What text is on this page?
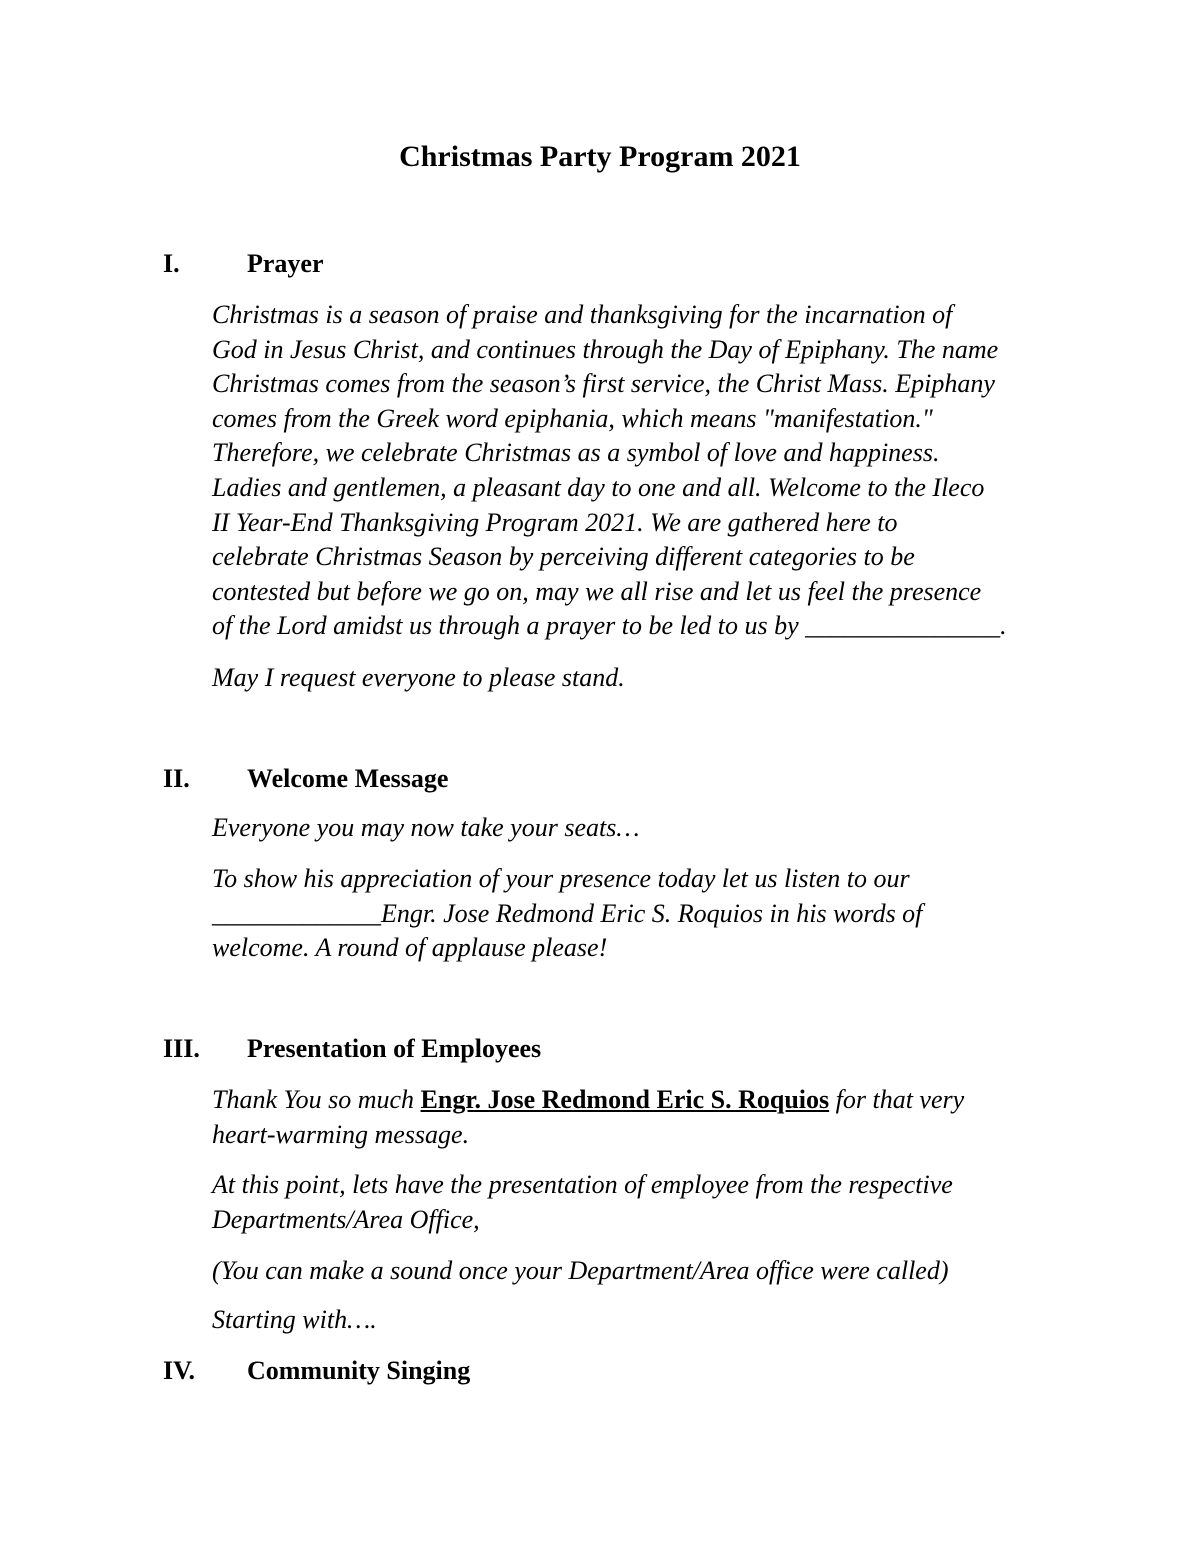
Christmas Party Program 2021
I.	Prayer
Christmas is a season of praise and thanksgiving for the incarnation of
God in Jesus Christ, and continues through the Day of Epiphany. The name
Christmas comes from the season’s first service, the Christ Mass. Epiphany
comes from the Greek word epiphania, which means "manifestation."
Therefore, we celebrate Christmas as a symbol of love and happiness.
Ladies and gentlemen, a pleasant day to one and all. Welcome to the Ileco
II Year-End Thanksgiving Program 2021. We are gathered here to
celebrate Christmas Season by perceiving different categories to be
contested but before we go on, may we all rise and let us feel the presence
of the Lord amidst us through a prayer to be led to us by _______________.
May I request everyone to please stand.
II. Welcome Message
Everyone you may now take your seats…
To show his appreciation of your presence today let us listen to our
_____________Engr. Jose Redmond Eric S. Roquios in his words of
welcome. A round of applause please!
III. Presentation of Employees
Thank You so much Engr. Jose Redmond Eric S. Roquios for that very
heart-warming message.
At this point, lets have the presentation of employee from the respective
Departments/Area Office,
(You can make a sound once your Department/Area office were called)
Starting with….
IV. Community Singing
